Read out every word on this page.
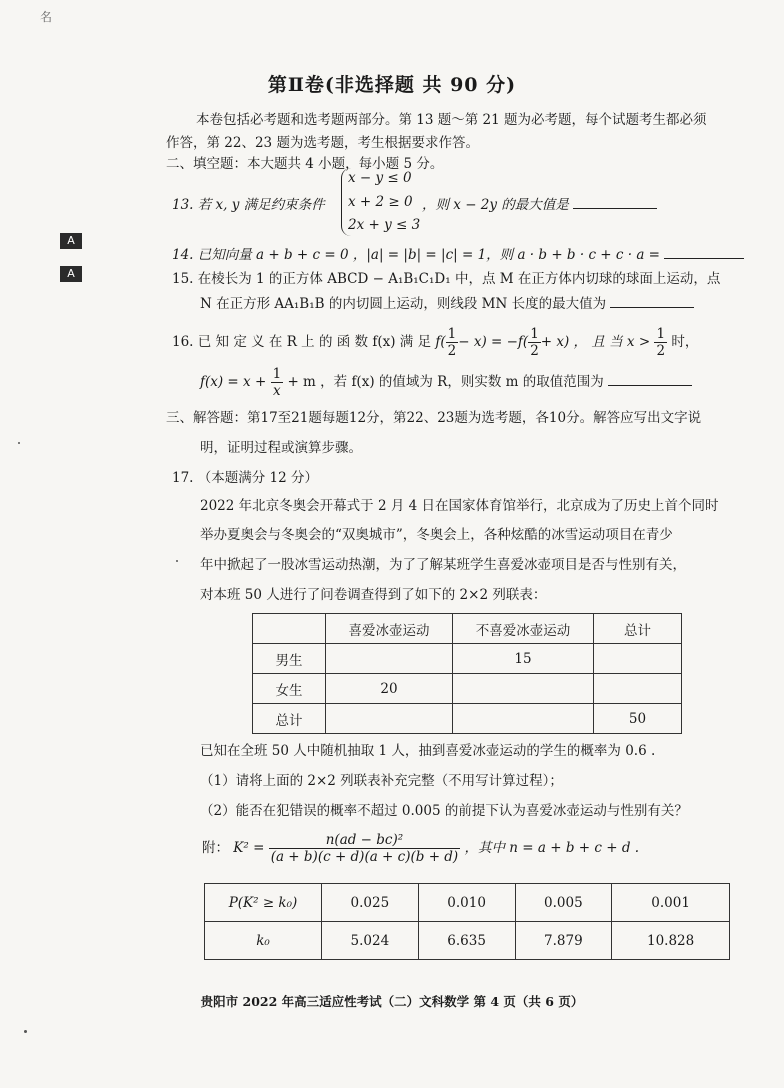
名
A
A
第Ⅱ卷(非选择题 共 90 分)
本卷包括必考题和选考题两部分。第 13 题～第 21 题为必考题，每个试题考生都必须
作答，第 22、23 题为选考题，考生根据要求作答。
二、填空题：本大题共 4 小题，每小题 5 分。
13. 若 x, y 满足约束条件
x − y ≤ 0
x + 2 ≥ 0
2x + y ≤ 3
，则 x − 2y 的最大值是
14. 已知向量 a + b + c = 0 ，|a| = |b| = |c| = 1，则 a · b + b · c + c · a =
15. 在棱长为 1 的正方体 ABCD − A₁B₁C₁D₁ 中，点 M 在正方体内切球的球面上运动，点
N 在正方形 AA₁B₁B 的内切圆上运动，则线段 MN 长度的最大值为
16. 已 知 定 义 在 R 上 的 函 数 f(x) 满 足 $f( \frac{1}{2} - x) = -f( \frac{1}{2} + x)$ ， 且 当 $x > \frac{1}{2}$ 时，
$f(x) = x + \frac{1}{x} + m$ ，若 f(x) 的值域为 R，则实数 m 的取值范围为
三、解答题：第17至21题每题12分，第22、23题为选考题，各10分。解答应写出文字说
明，证明过程或演算步骤。
17. （本题满分 12 分）
2022 年北京冬奥会开幕式于 2 月 4 日在国家体育馆举行，北京成为了历史上首个同时
举办夏奥会与冬奥会的“双奥城市”，冬奥会上，各种炫酷的冰雪运动项目在青少
年中掀起了一股冰雪运动热潮，为了了解某班学生喜爱冰壶项目是否与性别有关，
对本班 50 人进行了问卷调查得到了如下的 2×2 列联表：
	喜爱冰壶运动	不喜爱冰壶运动	总计
男生		15	
女生	20		
总计			50
已知在全班 50 人中随机抽取 1 人，抽到喜爱冰壶运动的学生的概率为 0.6 .
（1）请将上面的 2×2 列联表补充完整（不用写计算过程）；
（2）能否在犯错误的概率不超过 0.005 的前提下认为喜爱冰壶运动与性别有关？
附： $K^2 = \frac{\text{n(ad − bc)²}}{(a + b)(c + d)(a + c)(b + d)}$ ，其中 n = a + b + c + d .
P(K² ≥ k₀)	0.025	0.010	0.005	0.001
k₀	5.024	6.635	7.879	10.828
贵阳市 2022 年高三适应性考试（二）文科数学 第 4 页（共 6 页）
